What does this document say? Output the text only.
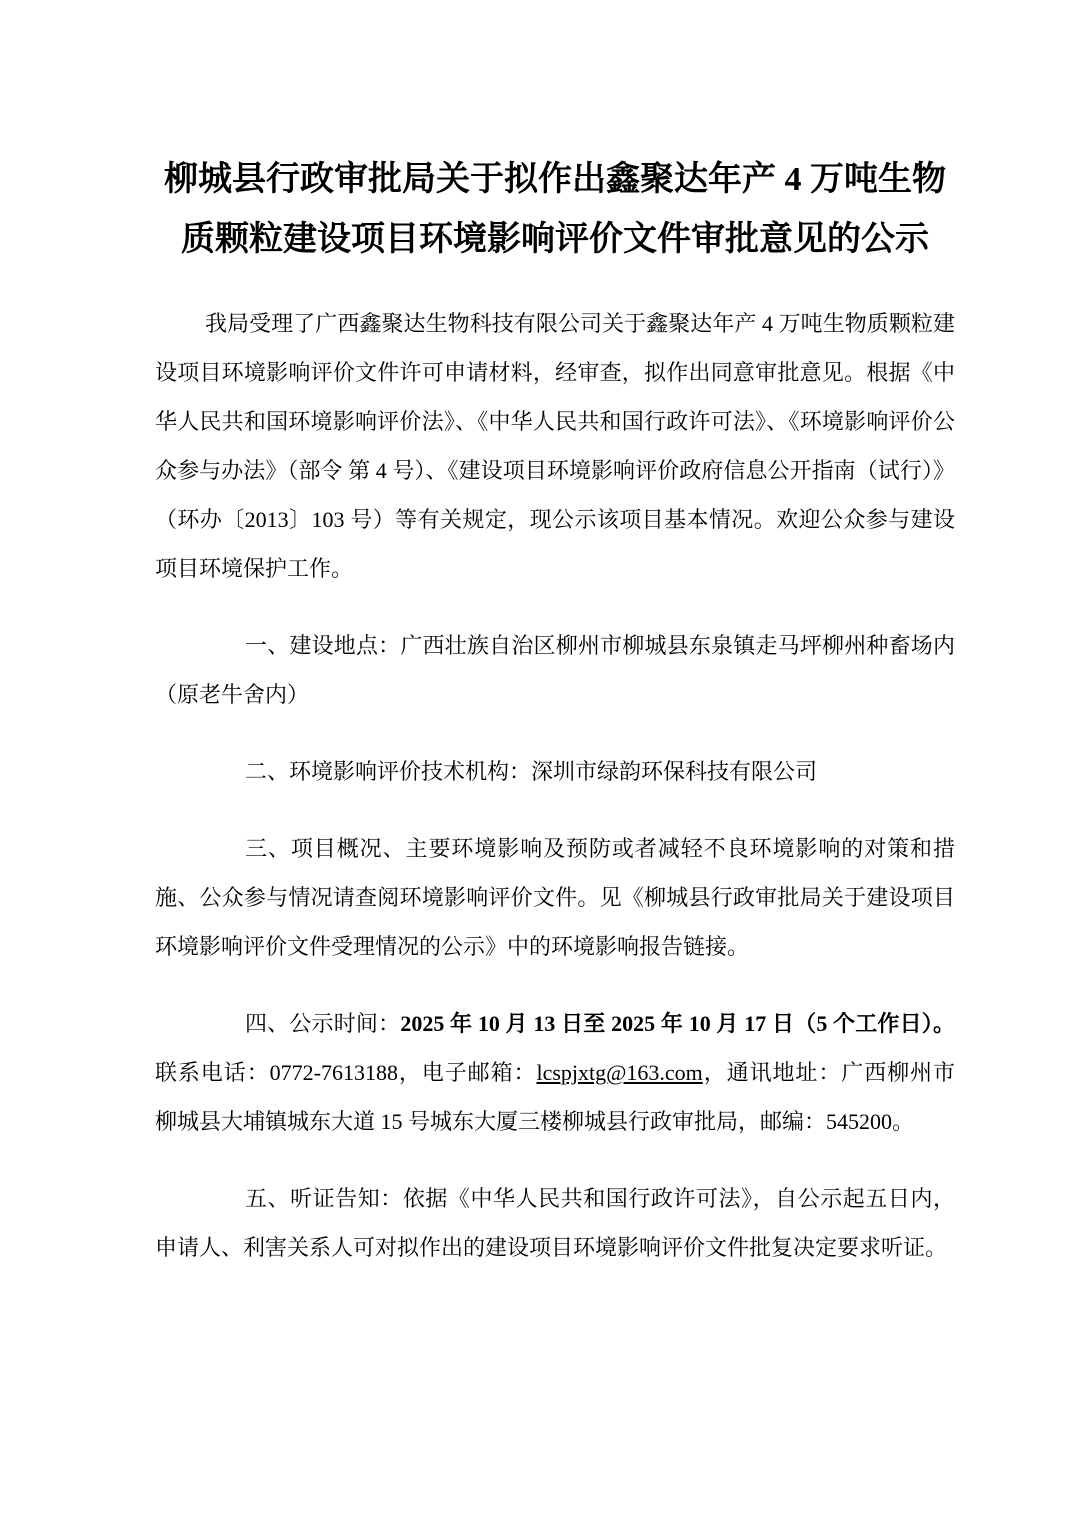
柳城县行政审批局关于拟作出鑫聚达年产 4 万吨生物质颗粒建设项目环境影响评价文件审批意见的公示

我局受理了广西鑫聚达生物科技有限公司关于鑫聚达年产 4 万吨生物质颗粒建设项目环境影响评价文件许可申请材料，经审查，拟作出同意审批意见。根据《中华人民共和国环境影响评价法》、《中华人民共和国行政许可法》、《环境影响评价公众参与办法》（部令 第 4 号）、《建设项目环境影响评价政府信息公开指南（试行）》（环办〔2013〕103 号）等有关规定，现公示该项目基本情况。欢迎公众参与建设项目环境保护工作。

一、建设地点：广西壮族自治区柳州市柳城县东泉镇走马坪柳州种畜场内（原老牛舍内）

二、环境影响评价技术机构：深圳市绿韵环保科技有限公司

三、项目概况、主要环境影响及预防或者减轻不良环境影响的对策和措施、公众参与情况请查阅环境影响评价文件。见《柳城县行政审批局关于建设项目环境影响评价文件受理情况的公示》中的环境影响报告链接。

四、公示时间：2025 年 10 月 13 日至 2025 年 10 月 17 日（5 个工作日）。联系电话：0772-7613188，电子邮箱：lcspjxtg@163.com，通讯地址：广西柳州市柳城县大埔镇城东大道 15 号城东大厦三楼柳城县行政审批局，邮编：545200。

五、听证告知：依据《中华人民共和国行政许可法》，自公示起五日内，申请人、利害关系人可对拟作出的建设项目环境影响评价文件批复决定要求听证。
